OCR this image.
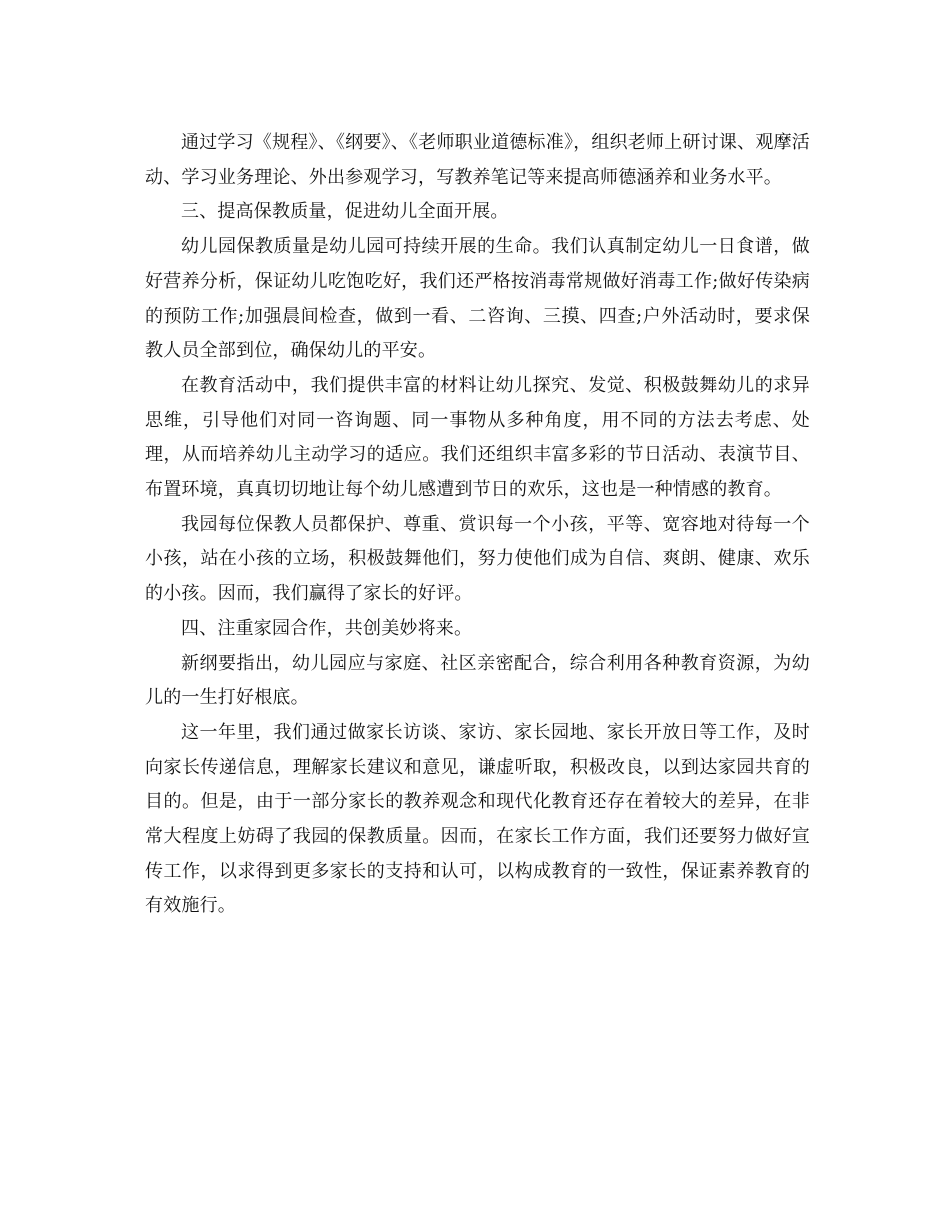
通过学习《规程》、《纲要》、《老师职业道德标准》，组织老师上研讨课、观摩活动、学习业务理论、外出参观学习，写教养笔记等来提高师德涵养和业务水平。

三、提高保教质量，促进幼儿全面开展。

幼儿园保教质量是幼儿园可持续开展的生命。我们认真制定幼儿一日食谱，做好营养分析，保证幼儿吃饱吃好，我们还严格按消毒常规做好消毒工作;做好传染病的预防工作;加强晨间检查，做到一看、二咨询、三摸、四查;户外活动时，要求保教人员全部到位，确保幼儿的平安。

在教育活动中，我们提供丰富的材料让幼儿探究、发觉、积极鼓舞幼儿的求异思维，引导他们对同一咨询题、同一事物从多种角度，用不同的方法去考虑、处理，从而培养幼儿主动学习的适应。我们还组织丰富多彩的节日活动、表演节目、布置环境，真真切切地让每个幼儿感遭到节日的欢乐，这也是一种情感的教育。

我园每位保教人员都保护、尊重、赏识每一个小孩，平等、宽容地对待每一个小孩，站在小孩的立场，积极鼓舞他们，努力使他们成为自信、爽朗、健康、欢乐的小孩。因而，我们赢得了家长的好评。

四、注重家园合作，共创美妙将来。

新纲要指出，幼儿园应与家庭、社区亲密配合，综合利用各种教育资源，为幼儿的一生打好根底。

这一年里，我们通过做家长访谈、家访、家长园地、家长开放日等工作，及时向家长传递信息，理解家长建议和意见，谦虚听取，积极改良，以到达家园共育的目的。但是，由于一部分家长的教养观念和现代化教育还存在着较大的差异，在非常大程度上妨碍了我园的保教质量。因而，在家长工作方面，我们还要努力做好宣传工作，以求得到更多家长的支持和认可，以构成教育的一致性，保证素养教育的有效施行。
